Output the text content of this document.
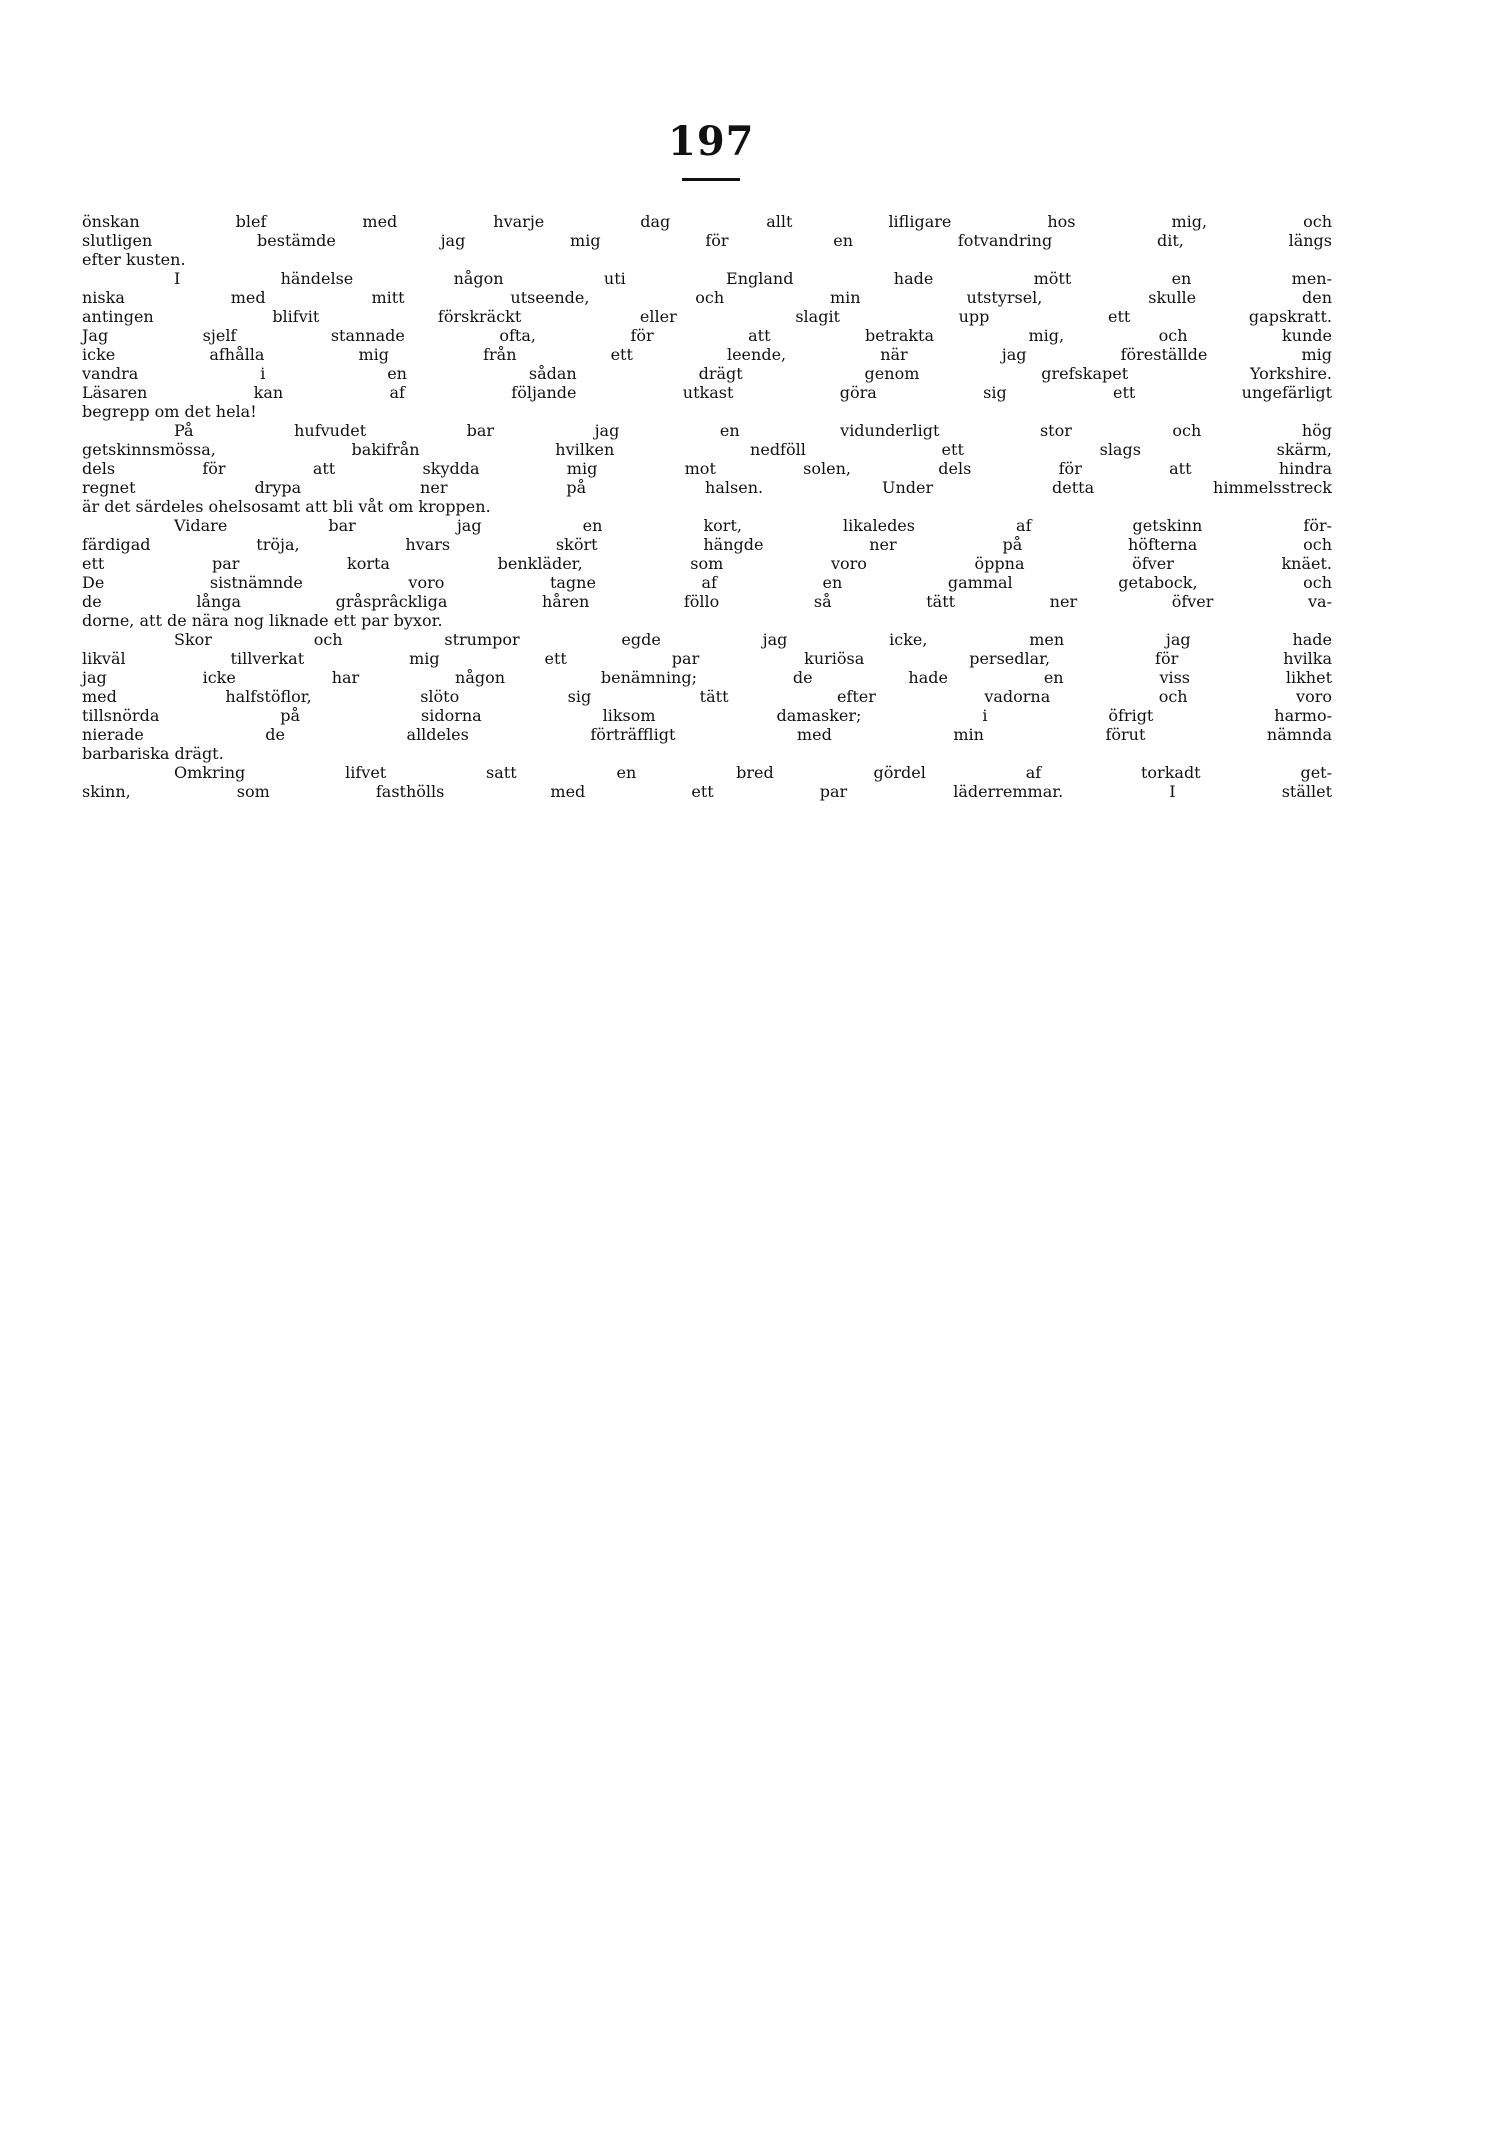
197
önskan blef med hvarje dag allt lifligare hos mig, och
slutligen bestämde jag mig för en fotvandring dit, längs
efter kusten.
I händelse någon uti England hade mött en men-
niska med mitt utseende, och min utstyrsel, skulle den
antingen blifvit förskräckt eller slagit upp ett gapskratt.
Jag sjelf stannade ofta, för att betrakta mig, och kunde
icke afhålla mig från ett leende, när jag föreställde mig
vandra i en sådan drägt genom grefskapet Yorkshire.
Läsaren kan af följande utkast göra sig ett ungefärligt
begrepp om det hela!
På hufvudet bar jag en vidunderligt stor och hög
getskinnsmössa, bakifrån hvilken nedföll ett slags skärm,
dels för att skydda mig mot solen, dels för att hindra
regnet drypa ner på halsen. Under detta himmelsstreck
är det särdeles ohelsosamt att bli våt om kroppen.
Vidare bar jag en kort, likaledes af getskinn för-
färdigad tröja, hvars skört hängde ner på höfterna och
ett par korta benkläder, som voro öppna öfver knäet.
De sistnämnde voro tagne af en gammal getabock, och
de långa gråsprâckliga håren föllo så tätt ner öfver va-
dorne, att de nära nog liknade ett par byxor.
Skor och strumpor egde jag icke, men jag hade
likväl tillverkat mig ett par kuriösa persedlar, för hvilka
jag icke har någon benämning; de hade en viss likhet
med halfstöflor, slöto sig tätt efter vadorna och voro
tillsnörda på sidorna liksom damasker; i öfrigt harmo-
nierade de alldeles förträffligt med min förut nämnda
barbariska drägt.
Omkring lifvet satt en bred gördel af torkadt get-
skinn, som fasthölls med ett par läderremmar. I stället
